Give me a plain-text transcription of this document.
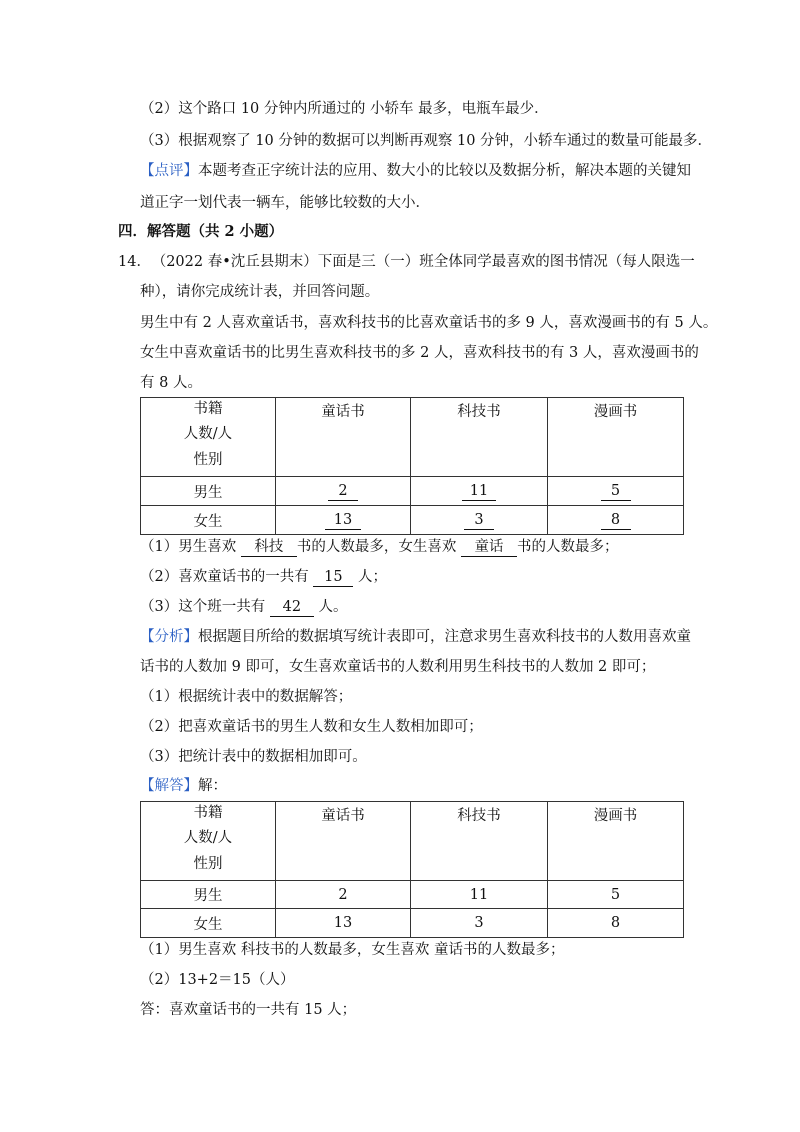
（2）这个路口 10 分钟内所通过的 小轿车 最多，电瓶车最少．
（3）根据观察了 10 分钟的数据可以判断再观察 10 分钟，小轿车通过的数量可能最多．
【点评】本题考查正字统计法的应用、数大小的比较以及数据分析，解决本题的关键知
道正字一划代表一辆车，能够比较数的大小．
四．解答题（共 2 小题）
14． （2022 春•沈丘县期末）下面是三（一）班全体同学最喜欢的图书情况（每人限选一
种），请你完成统计表，并回答问题。
男生中有 2 人喜欢童话书，喜欢科技书的比喜欢童话书的多 9 人，喜欢漫画书的有 5 人。
女生中喜欢童话书的比男生喜欢科技书的多 2 人，喜欢科技书的有 3 人，喜欢漫画书的
有 8 人。
书籍
人数/人
性别	童话书	科技书	漫画书
男生	2	11	5
女生	13	3	8
（1）男生喜欢 科技 书的人数最多，女生喜欢 童话 书的人数最多；
（2）喜欢童话书的一共有 15 人；
（3）这个班一共有 42 人。
【分析】根据题目所给的数据填写统计表即可，注意求男生喜欢科技书的人数用喜欢童
话书的人数加 9 即可，女生喜欢童话书的人数利用男生科技书的人数加 2 即可；
（1）根据统计表中的数据解答；
（2）把喜欢童话书的男生人数和女生人数相加即可；
（3）把统计表中的数据相加即可。
【解答】解：
书籍
人数/人
性别	童话书	科技书	漫画书
男生	2	11	5
女生	13	3	8
（1）男生喜欢 科技书的人数最多，女生喜欢 童话书的人数最多；
（2）13+2＝15（人）
答：喜欢童话书的一共有 15 人；
